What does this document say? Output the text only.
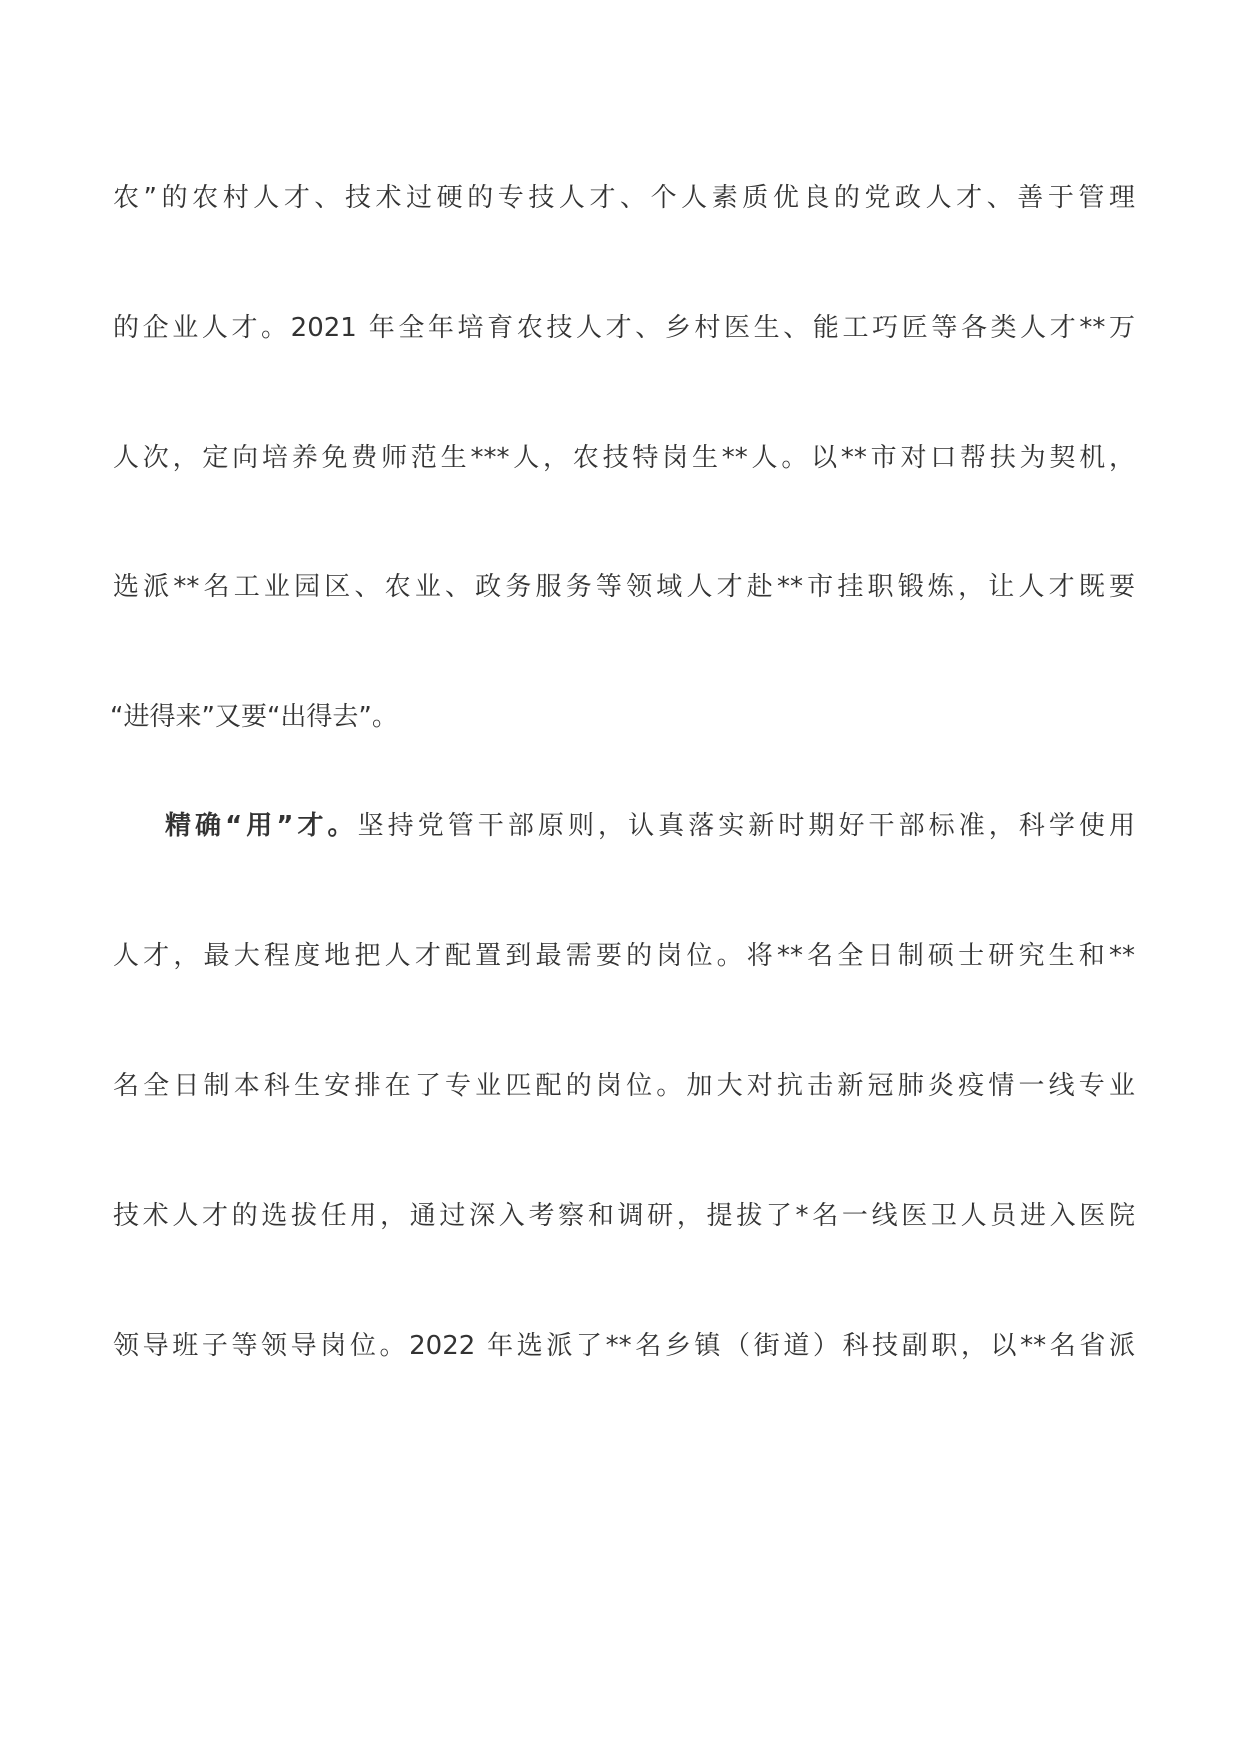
农”的农村人才、技术过硬的专技人才、个人素质优良的党政人才、善于管理
的企业人才。2021 年全年培育农技人才、乡村医生、能工巧匠等各类人才**万
人次，定向培养免费师范生***人，农技特岗生**人。以**市对口帮扶为契机，
选派**名工业园区、农业、政务服务等领域人才赴**市挂职锻炼，让人才既要
“进得来”又要“出得去”。
精确“用”才。坚持党管干部原则，认真落实新时期好干部标准，科学使用
人才，最大程度地把人才配置到最需要的岗位。将**名全日制硕士研究生和**
名全日制本科生安排在了专业匹配的岗位。加大对抗击新冠肺炎疫情一线专业
技术人才的选拔任用，通过深入考察和调研，提拔了*名一线医卫人员进入医院
领导班子等领导岗位。2022 年选派了**名乡镇（街道）科技副职，以**名省派
